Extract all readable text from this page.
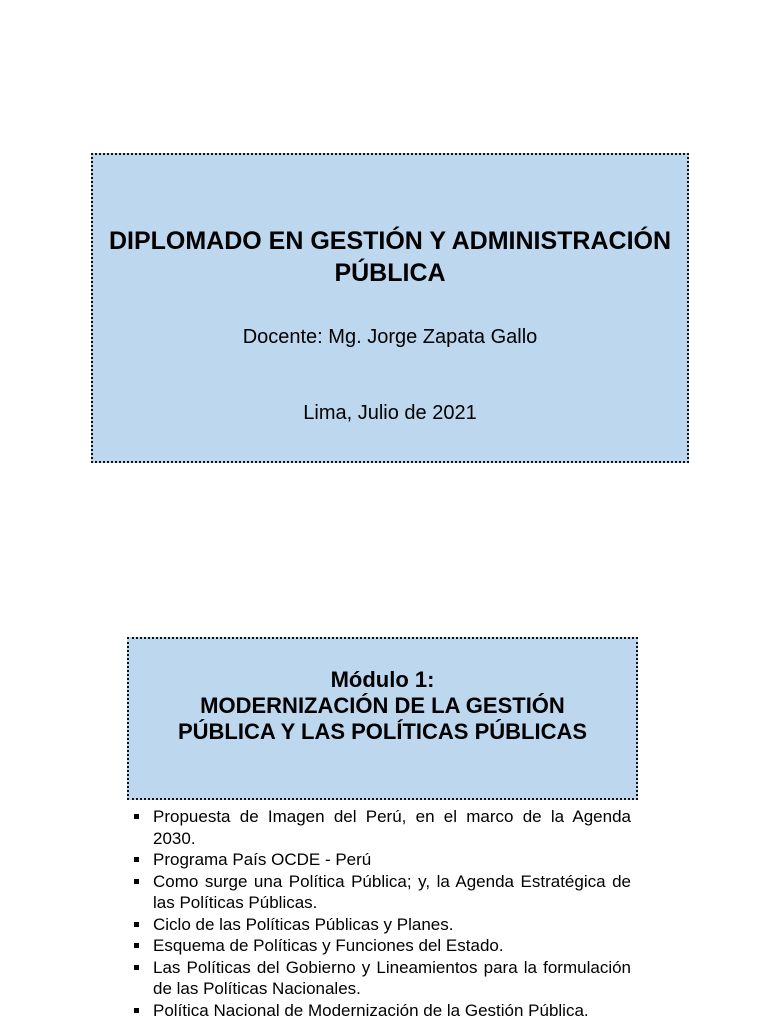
DIPLOMADO EN GESTIÓN Y ADMINISTRACIÓN PÚBLICA

Docente: Mg. Jorge Zapata Gallo

Lima, Julio de 2021

Módulo 1:

MODERNIZACIÓN DE LA GESTIÓN PÚBLICA Y LAS POLÍTICAS PÚBLICAS

Propuesta de Imagen del Perú, en el marco de la Agenda 2030.
Programa País OCDE - Perú
Como surge una Política Pública; y, la Agenda Estratégica de las Políticas Públicas.
Ciclo de las Políticas Públicas y Planes.
Esquema de Políticas y Funciones del Estado.
Las Políticas del Gobierno y Lineamientos para la formulación de las Políticas Nacionales.
Política Nacional de Modernización de la Gestión Pública.
